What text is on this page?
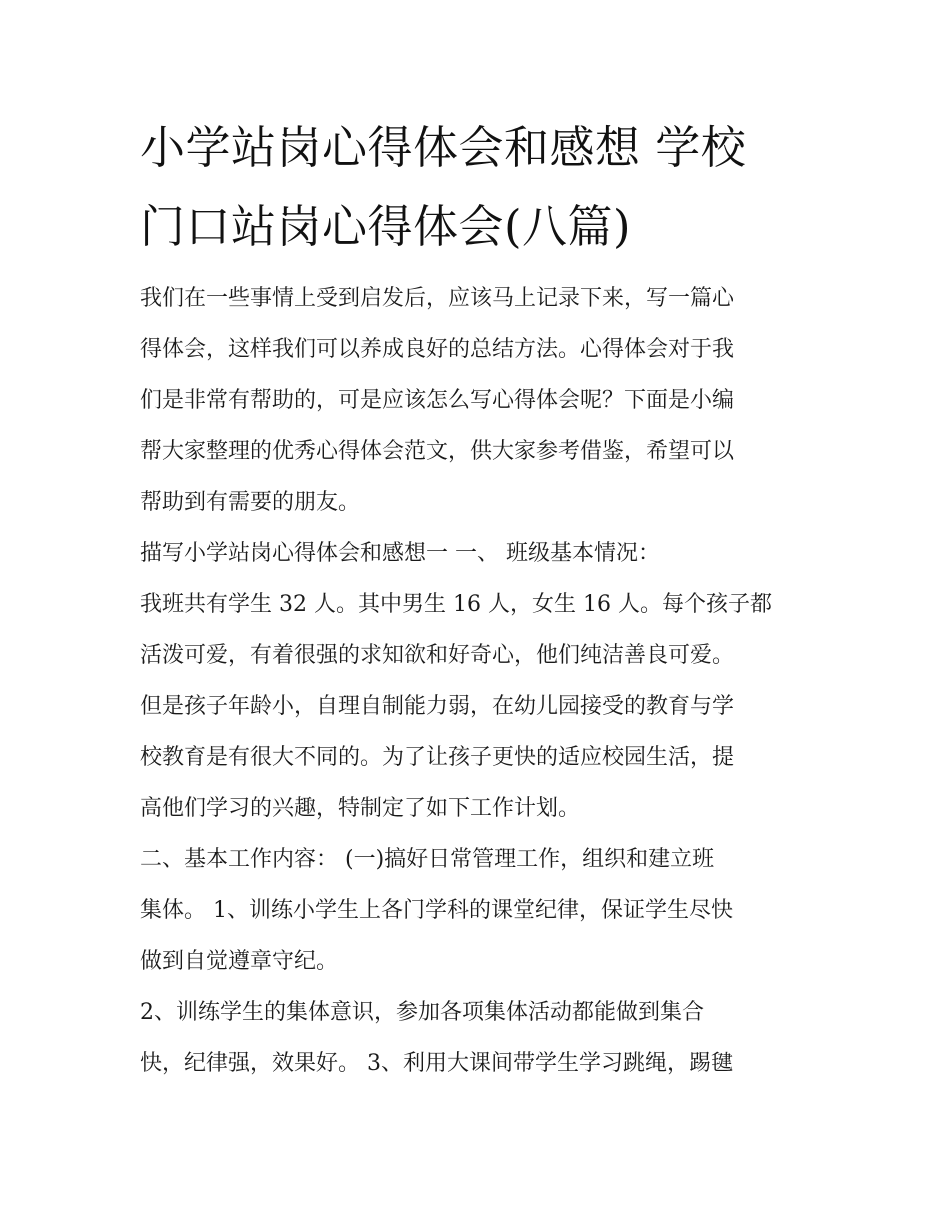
小学站岗心得体会和感想 学校
门口站岗心得体会(八篇)
我们在一些事情上受到启发后，应该马上记录下来，写一篇心
得体会，这样我们可以养成良好的总结方法。心得体会对于我
们是非常有帮助的，可是应该怎么写心得体会呢？下面是小编
帮大家整理的优秀心得体会范文，供大家参考借鉴，希望可以
帮助到有需要的朋友。
描写小学站岗心得体会和感想一 一、 班级基本情况：
我班共有学生 32 人。其中男生 16 人，女生 16 人。每个孩子都
活泼可爱，有着很强的求知欲和好奇心，他们纯洁善良可爱。
但是孩子年龄小，自理自制能力弱，在幼儿园接受的教育与学
校教育是有很大不同的。为了让孩子更快的适应校园生活，提
高他们学习的兴趣，特制定了如下工作计划。
二、基本工作内容： (一)搞好日常管理工作，组织和建立班
集体。 1、训练小学生上各门学科的课堂纪律，保证学生尽快
做到自觉遵章守纪。
2、训练学生的集体意识，参加各项集体活动都能做到集合
快，纪律强，效果好。 3、利用大课间带学生学习跳绳，踢毽
